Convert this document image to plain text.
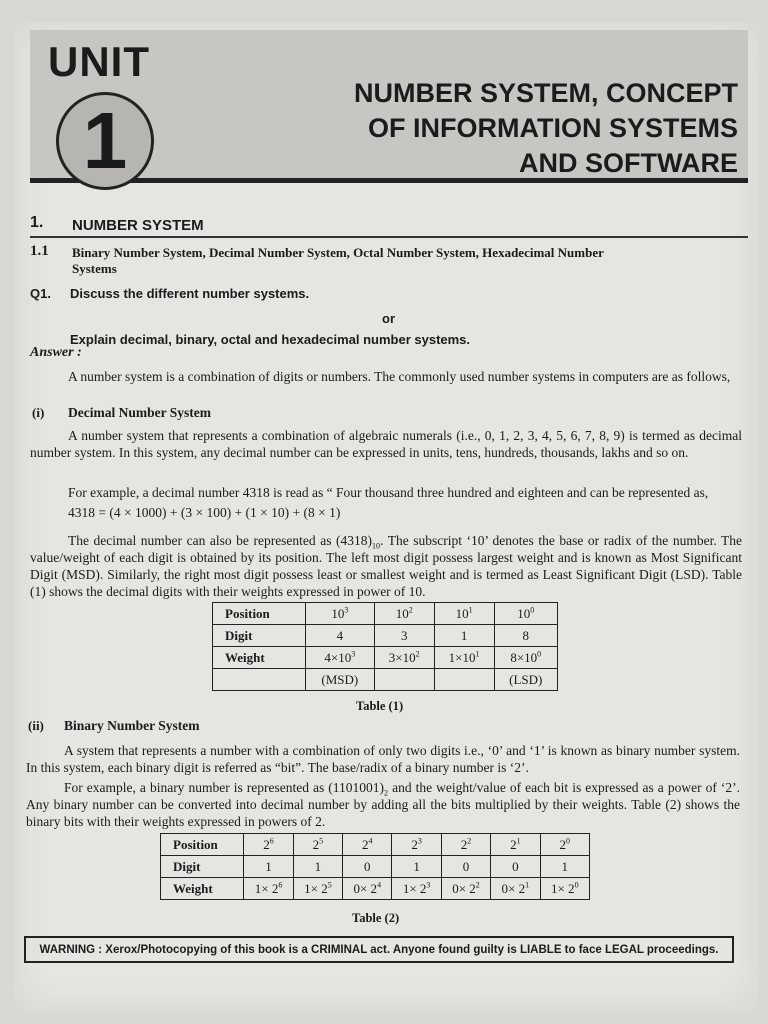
UNIT
1
NUMBER SYSTEM, CONCEPT
OF INFORMATION SYSTEMS
AND SOFTWARE
1. NUMBER SYSTEM
1.1 Binary Number System, Decimal Number System, Octal Number System, Hexadecimal Number
Systems
Q1. Discuss the different number systems.
or
Explain decimal, binary, octal and hexadecimal number systems.
Answer :
A number system is a combination of digits or numbers. The commonly used number systems in computers are as follows,
(i) Decimal Number System
A number system that represents a combination of algebraic numerals (i.e., 0, 1, 2, 3, 4, 5, 6, 7, 8, 9) is termed as decimal number system. In this system, any decimal number can be expressed in units, tens, hundreds, thousands, lakhs and so on.
For example, a decimal number 4318 is read as “ Four thousand three hundred and eighteen and can be represented as,
4318 = (4 × 1000) + (3 × 100) + (1 × 10) + (8 × 1)
The decimal number can also be represented as $(4318)_{10}$. The subscript ‘10’ denotes the base or radix of the number. The value/weight of each digit is obtained by its position. The left most digit possess largest weight and is known as Most Significant Digit (MSD). Similarly, the right most digit possess least or smallest weight and is termed as Least Significant Digit (LSD). Table (1) shows the decimal digits with their weights expressed in power of 10.
Position	$10^3$	$10^2$	$10^1$	$10^0$
Digit	4	3	1	8
Weight	$4\times 10^3$	$3\times 10^2$	$1\times 10^1$	$8\times 10^0$
	(MSD)			(LSD)
Table (1)
(ii) Binary Number System
A system that represents a number with a combination of only two digits i.e., ‘0’ and ‘1’ is known as binary number system. In this system, each binary digit is referred as “bit”. The base/radix of a binary number is ‘2’.
For example, a binary number is represented as $(1101001)_2$ and the weight/value of each bit is expressed as a power of ‘2’. Any binary number can be converted into decimal number by adding all the bits multiplied by their weights. Table (2) shows the binary bits with their weights expressed in powers of 2.
Position	$2^6$	$2^5$	$2^4$	$2^3$	$2^2$	$2^1$	$2^0$
Digit	1	1	0	1	0	0	1
Weight	$1\times 2^6$	$1\times 2^5$	$0\times 2^4$	$1\times 2^3$	$0\times 2^2$	$0\times 2^1$	$1\times 2^0$
Table (2)
WARNING : Xerox/Photocopying of this book is a CRIMINAL act. Anyone found guilty is LIABLE to face LEGAL proceedings.
